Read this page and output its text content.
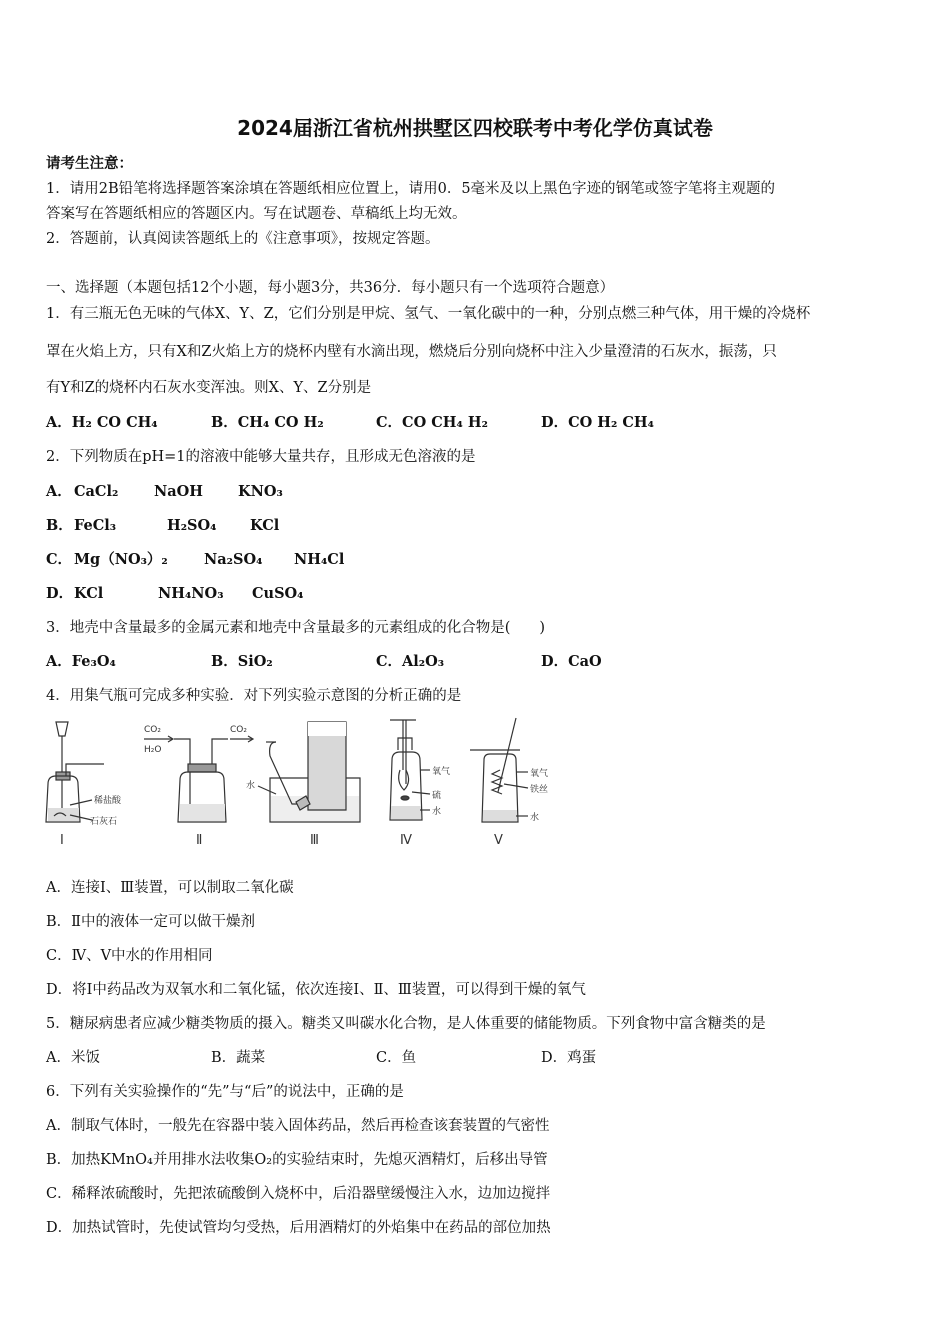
2024届浙江省杭州拱墅区四校联考中考化学仿真试卷
请考生注意：
1．请用2B铅笔将选择题答案涂填在答题纸相应位置上，请用0．5毫米及以上黑色字迹的钢笔或签字笔将主观题的
答案写在答题纸相应的答题区内。写在试题卷、草稿纸上均无效。
2．答题前，认真阅读答题纸上的《注意事项》，按规定答题。
一、选择题（本题包括12个小题，每小题3分，共36分．每小题只有一个选项符合题意）
1．有三瓶无色无味的气体X、Y、Z，它们分别是甲烷、氢气、一氧化碳中的一种，分别点燃三种气体，用干燥的冷烧杯
罩在火焰上方，只有X和Z火焰上方的烧杯内壁有水滴出现，燃烧后分别向烧杯中注入少量澄清的石灰水，振荡，只
有Y和Z的烧杯内石灰水变浑浊。则X、Y、Z分别是
A．H₂ CO CH₄	B．CH₄ CO H₂	C．CO CH₄ H₂	D．CO H₂ CH₄
2．下列物质在pH=1的溶液中能够大量共存，且形成无色溶液的是
A． CaCl₂ NaOH KNO₃
B．FeCl₃	H₂SO₄ KCl
C． Mg（NO₃）₂ Na₂SO₄ NH₄Cl
D．KCl	NH₄NO₃ CuSO₄
3．地壳中含量最多的金属元素和地壳中含量最多的元素组成的化合物是(　　)
A．Fe₃O₄	B．SiO₂	C．Al₂O₃	D．CaO
4．用集气瓶可完成多种实验．对下列实验示意图的分析正确的是
稀盐酸
石灰石
Ⅰ
CO₂
H₂O
CO₂
Ⅱ
水
Ⅲ
氧气
硫
水
Ⅳ
氧气
铁丝
水
Ⅴ
A．连接Ⅰ、Ⅲ装置，可以制取二氧化碳
B．Ⅱ中的液体一定可以做干燥剂
C．Ⅳ、Ⅴ中水的作用相同
D．将Ⅰ中药品改为双氧水和二氧化锰，依次连接Ⅰ、Ⅱ、Ⅲ装置，可以得到干燥的氧气
5．糖尿病患者应减少糖类物质的摄入。糖类又叫碳水化合物，是人体重要的储能物质。下列食物中富含糖类的是
A．米饭	B．蔬菜	C．鱼	D．鸡蛋
6．下列有关实验操作的“先”与“后”的说法中，正确的是
A．制取气体时，一般先在容器中装入固体药品，然后再检查该套装置的气密性
B．加热KMnO₄并用排水法收集O₂的实验结束时，先熄灭酒精灯，后移出导管
C．稀释浓硫酸时，先把浓硫酸倒入烧杯中，后沿器壁缓慢注入水，边加边搅拌
D．加热试管时，先使试管均匀受热，后用酒精灯的外焰集中在药品的部位加热
